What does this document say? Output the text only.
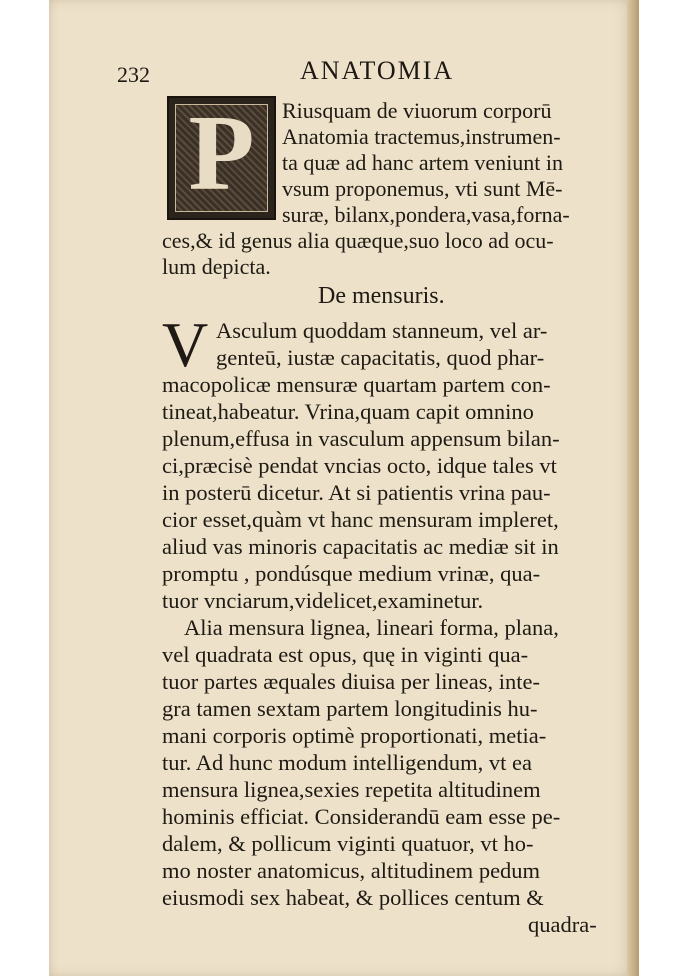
232	ANATOMIA
P	Riusquam de viuorum corporū
Anatomia tractemus,instrumen-
ta quæ ad hanc artem veniunt in
vsum proponemus, vti sunt Mē-
suræ, bilanx,pondera,vasa,forna-
ces,& id genus alia quæque,suo loco ad ocu-
lum depicta.
De mensuris.
V Asculum quoddam stanneum, vel ar-
genteū, iustæ capacitatis, quod phar-
macopolicæ mensuræ quartam partem con-
tineat,habeatur. Vrina,quam capit omnino
plenum,effusa in vasculum appensum bilan-
ci,præcisè pendat vncias octo, idque tales vt
in posterū dicetur. At si patientis vrina pau-
cior esset,quàm vt hanc mensuram impleret,
aliud vas minoris capacitatis ac mediæ sit in
promptu , pondúsque medium vrinæ, qua-
tuor vnciarum,videlicet,examinetur.
Alia mensura lignea, lineari forma, plana,
vel quadrata est opus, quę in viginti qua-
tuor partes æquales diuisa per lineas, inte-
gra tamen sextam partem longitudinis hu-
mani corporis optimè proportionati, metia-
tur. Ad hunc modum intelligendum, vt ea
mensura lignea,sexies repetita altitudinem
hominis efficiat. Considerandū eam esse pe-
dalem, & pollicum viginti quatuor, vt ho-
mo noster anatomicus, altitudinem pedum
eiusmodi sex habeat, & pollices centum &
quadra-
